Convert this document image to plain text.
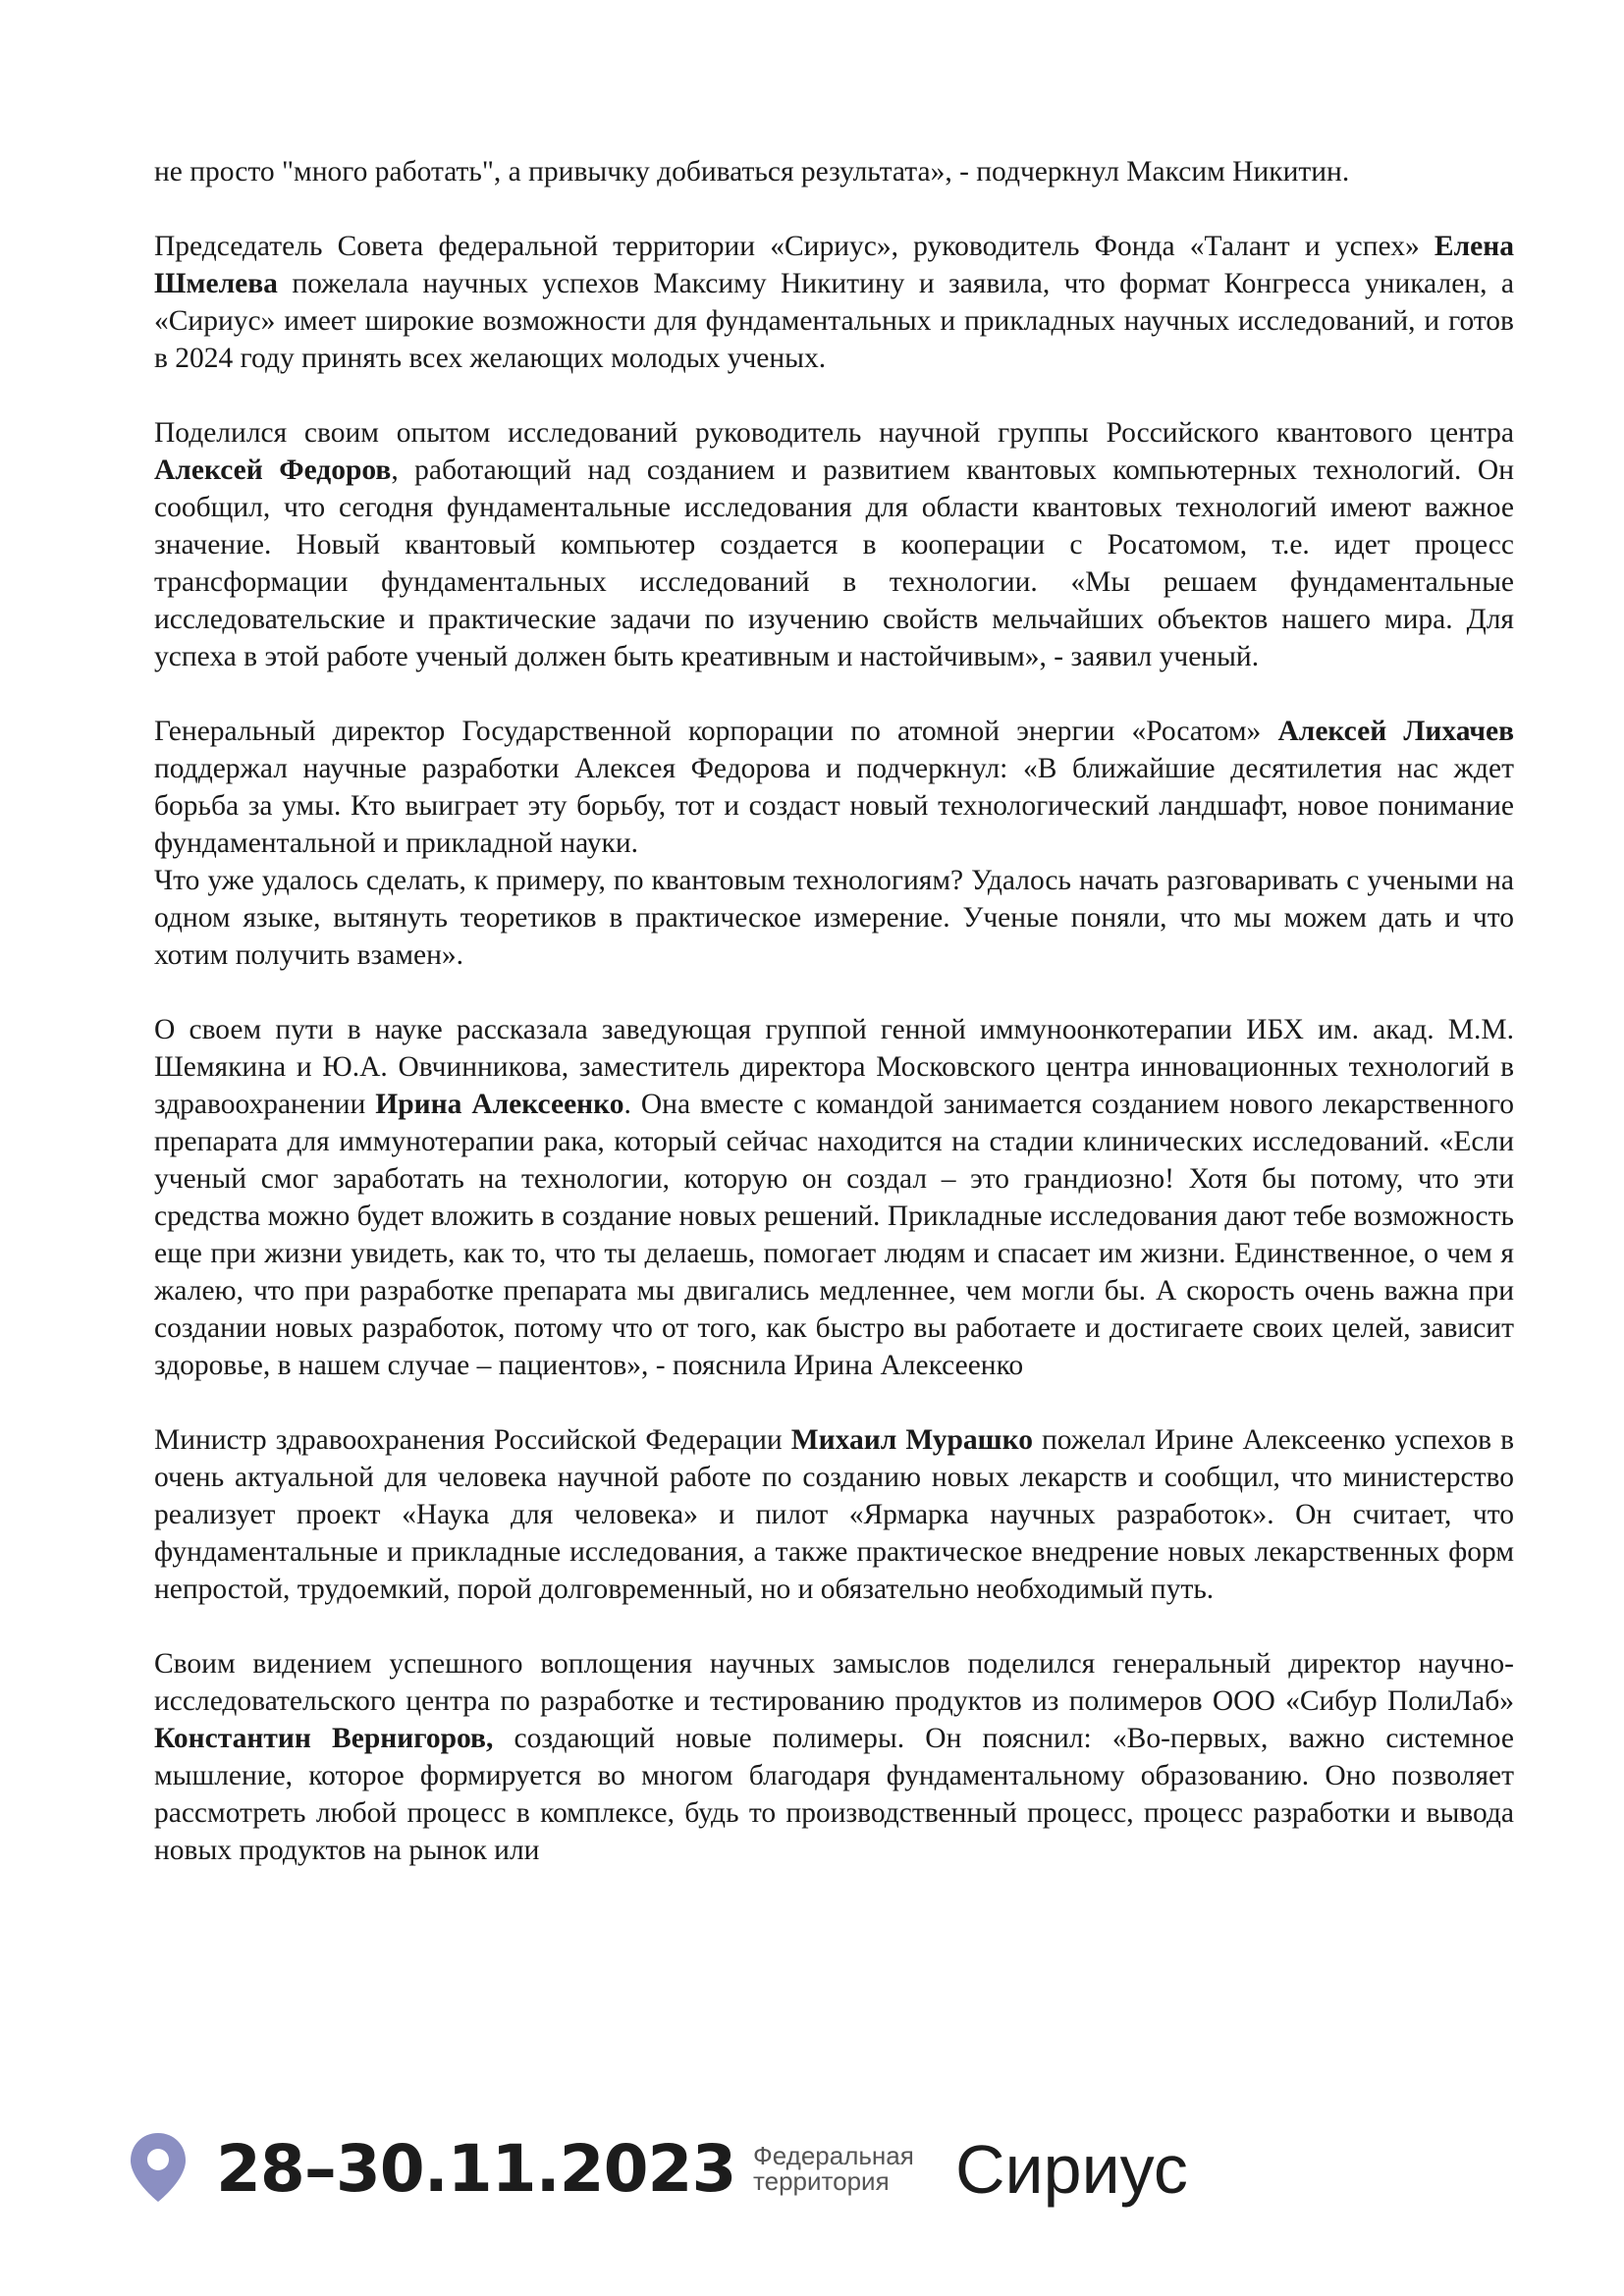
не просто "много работать", а привычку добиваться результата», - подчеркнул Максим Никитин.

Председатель Совета федеральной территории «Сириус», руководитель Фонда «Талант и успех» Елена Шмелева пожелала научных успехов Максиму Никитину и заявила, что формат Конгресса уникален, а «Сириус» имеет широкие возможности для фундаментальных и прикладных научных исследований, и готов в 2024 году принять всех желающих молодых ученых.

Поделился своим опытом исследований руководитель научной группы Российского квантового центра Алексей Федоров, работающий над созданием и развитием квантовых компьютерных технологий. Он сообщил, что сегодня фундаментальные исследования для области квантовых технологий имеют важное значение. Новый квантовый компьютер создается в кооперации с Росатомом, т.е. идет процесс трансформации фундаментальных исследований в технологии. «Мы решаем фундаментальные исследовательские и практические задачи по изучению свойств мельчайших объектов нашего мира. Для успеха в этой работе ученый должен быть креативным и настойчивым», - заявил ученый.

Генеральный директор Государственной корпорации по атомной энергии «Росатом» Алексей Лихачев поддержал научные разработки Алексея Федорова и подчеркнул: «В ближайшие десятилетия нас ждет борьба за умы. Кто выиграет эту борьбу, тот и создаст новый технологический ландшафт, новое понимание фундаментальной и прикладной науки.
Что уже удалось сделать, к примеру, по квантовым технологиям? Удалось начать разговаривать с учеными на одном языке, вытянуть теоретиков в практическое измерение. Ученые поняли, что мы можем дать и что хотим получить взамен».

О своем пути в науке рассказала заведующая группой генной иммуноонкотерапии ИБХ им. акад. М.М. Шемякина и Ю.А. Овчинникова, заместитель директора Московского центра инновационных технологий в здравоохранении Ирина Алексеенко. Она вместе с командой занимается созданием нового лекарственного препарата для иммунотерапии рака, который сейчас находится на стадии клинических исследований. «Если ученый смог заработать на технологии, которую он создал – это грандиозно! Хотя бы потому, что эти средства можно будет вложить в создание новых решений. Прикладные исследования дают тебе возможность еще при жизни увидеть, как то, что ты делаешь, помогает людям и спасает им жизни. Единственное, о чем я жалею, что при разработке препарата мы двигались медленнее, чем могли бы. А скорость очень важна при создании новых разработок, потому что от того, как быстро вы работаете и достигаете своих целей, зависит здоровье, в нашем случае – пациентов», - пояснила Ирина Алексеенко

Министр здравоохранения Российской Федерации Михаил Мурашко пожелал Ирине Алексеенко успехов в очень актуальной для человека научной работе по созданию новых лекарств и сообщил, что министерство реализует проект «Наука для человека» и пилот «Ярмарка научных разработок». Он считает, что фундаментальные и прикладные исследования, а также практическое внедрение новых лекарственных форм непростой, трудоемкий, порой долговременный, но и обязательно необходимый путь.

Своим видением успешного воплощения научных замыслов поделился генеральный директор научно-исследовательского центра по разработке и тестированию продуктов из полимеров ООО «Сибур ПолиЛаб» Константин Вернигоров, создающий новые полимеры. Он пояснил: «Во-первых, важно системное мышление, которое формируется во многом благодаря фундаментальному образованию. Оно позволяет рассмотреть любой процесс в комплексе, будь то производственный процесс, процесс разработки и вывода новых продуктов на рынок или

28–30.11.2023 Федеральная
территория Сириус
